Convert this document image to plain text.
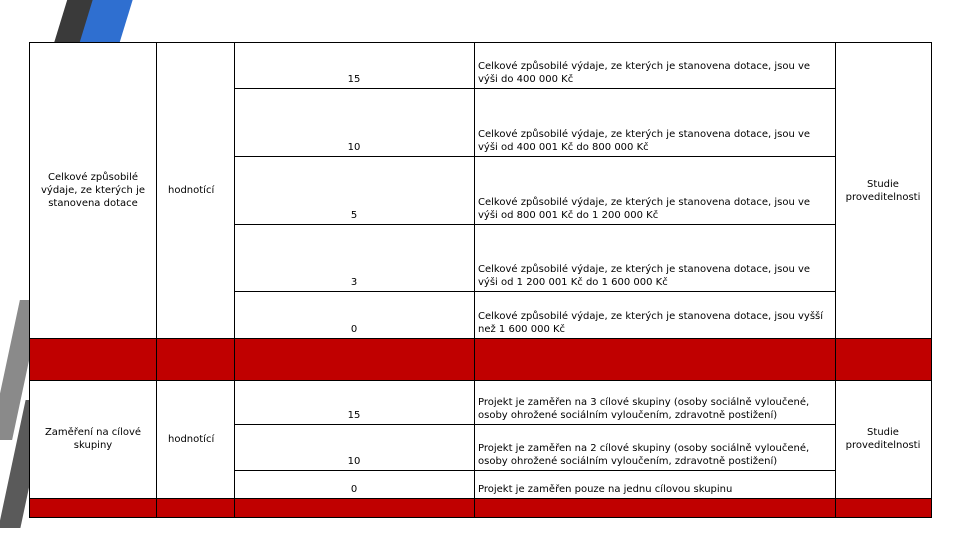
Celkové způsobilé výdaje, ze kterých je stanovena dotace
hodnotící
Studie proveditelnosti
15
Celkové způsobilé výdaje, ze kterých je stanovena dotace, jsou ve výši do 400 000 Kč
10
Celkové způsobilé výdaje, ze kterých je stanovena dotace, jsou ve výši od 400 001 Kč do 800 000 Kč
5
Celkové způsobilé výdaje, ze kterých je stanovena dotace, jsou ve výši od 800 001 Kč do 1 200 000 Kč
3
Celkové způsobilé výdaje, ze kterých je stanovena dotace, jsou ve výši od 1 200 001 Kč do 1 600 000 Kč
0
Celkové způsobilé výdaje, ze kterých je stanovena dotace, jsou vyšší než 1 600 000 Kč
Zaměření na cílové skupiny
hodnotící
Studie proveditelnosti
15
Projekt je zaměřen na 3 cílové skupiny (osoby sociálně vyloučené, osoby ohrožené sociálním vyloučením, zdravotně postižení)
10
Projekt je zaměřen na 2 cílové skupiny (osoby sociálně vyloučené, osoby ohrožené sociálním vyloučením, zdravotně postižení)
0	Projekt je zaměřen pouze na jednu cílovou skupinu
